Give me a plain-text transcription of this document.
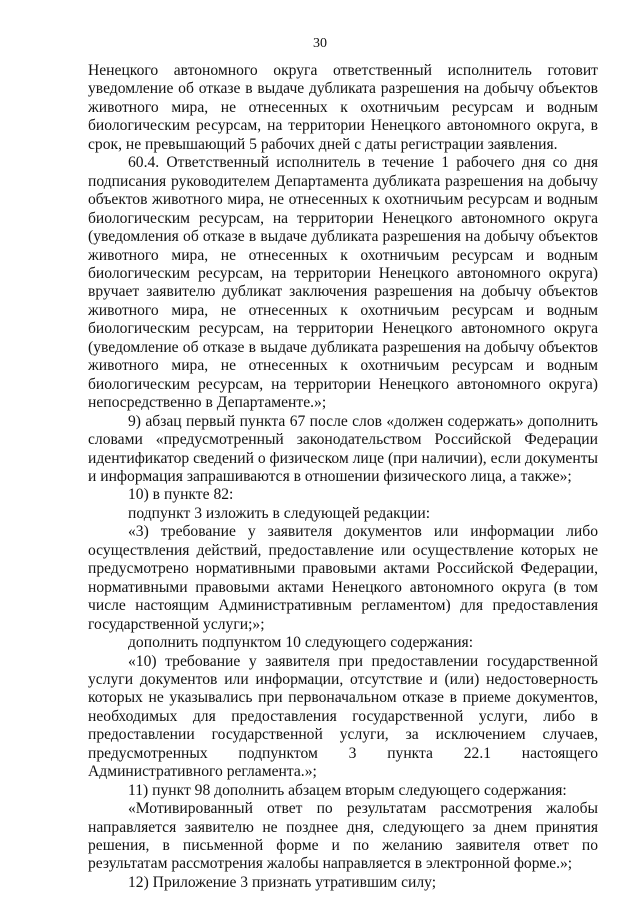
30

Ненецкого автономного округа ответственный исполнитель готовит уведомление об отказе в выдаче дубликата разрешения на добычу объектов животного мира, не отнесенных к охотничьим ресурсам и водным биологическим ресурсам, на территории Ненецкого автономного округа, в срок, не превышающий 5 рабочих дней с даты регистрации заявления.

60.4. Ответственный исполнитель в течение 1 рабочего дня со дня подписания руководителем Департамента дубликата разрешения на добычу объектов животного мира, не отнесенных к охотничьим ресурсам и водным биологическим ресурсам, на территории Ненецкого автономного округа (уведомления об отказе в выдаче дубликата разрешения на добычу объектов животного мира, не отнесенных к охотничьим ресурсам и водным биологическим ресурсам, на территории Ненецкого автономного округа) вручает заявителю дубликат заключения разрешения на добычу объектов животного мира, не отнесенных к охотничьим ресурсам и водным биологическим ресурсам, на территории Ненецкого автономного округа (уведомление об отказе в выдаче дубликата разрешения на добычу объектов животного мира, не отнесенных к охотничьим ресурсам и водным биологическим ресурсам, на территории Ненецкого автономного округа) непосредственно в Департаменте.»;

9) абзац первый пункта 67 после слов «должен содержать» дополнить словами «предусмотренный законодательством Российской Федерации идентификатор сведений о физическом лице (при наличии), если документы и информация запрашиваются в отношении физического лица, а также»;

10) в пункте 82:

подпункт 3 изложить в следующей редакции:

«3) требование у заявителя документов или информации либо осуществления действий, предоставление или осуществление которых не предусмотрено нормативными правовыми актами Российской Федерации, нормативными правовыми актами Ненецкого автономного округа (в том числе настоящим Административным регламентом) для предоставления государственной услуги;»;

дополнить подпунктом 10 следующего содержания:

«10) требование у заявителя при предоставлении государственной услуги документов или информации, отсутствие и (или) недостоверность которых не указывались при первоначальном отказе в приеме документов, необходимых для предоставления государственной услуги, либо в предоставлении государственной услуги, за исключением случаев, предусмотренных подпунктом 3 пункта 22.1 настоящего Административного регламента.»;

11) пункт 98 дополнить абзацем вторым следующего содержания:

«Мотивированный ответ по результатам рассмотрения жалобы направляется заявителю не позднее дня, следующего за днем принятия решения, в письменной форме и по желанию заявителя ответ по результатам рассмотрения жалобы направляется в электронной форме.»;

12) Приложение 3 признать утратившим силу;
